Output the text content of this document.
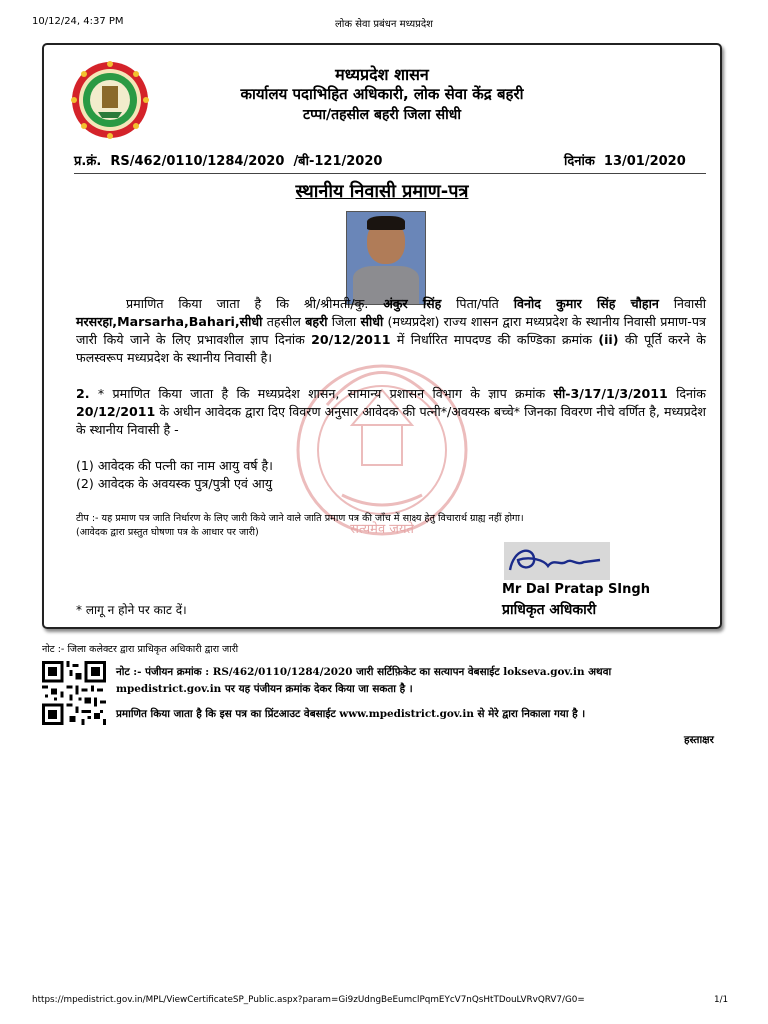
10/12/24, 4:37 PM	लोक सेवा प्रबंधन मध्यप्रदेश
सत्यमेव जयते
मध्यप्रदेश शासन
कार्यालय पदाभिहित अधिकारी, लोक सेवा केंद्र बहरी
टप्पा/तहसील बहरी जिला सीधी
प्र.क्रं. RS/462/0110/1284/2020 /बी-121/2020	दिनांक 13/01/2020
स्थानीय निवासी प्रमाण-पत्र
प्रमाणित किया जाता है कि श्री/श्रीमती/कु. अंकुर सिंह पिता/पति विनोद कुमार सिंह चौहान निवासी मरसरहा,Marsarha,Bahari,सीधी तहसील बहरी जिला सीधी (मध्यप्रदेश) राज्य शासन द्वारा मध्यप्रदेश के स्थानीय निवासी प्रमाण-पत्र जारी किये जाने के लिए प्रभावशील ज्ञाप दिनांक 20/12/2011 में निर्धारित मापदण्ड की कण्डिका क्रमांक (ii) की पूर्ति करने के फलस्वरूप मध्यप्रदेश के स्थानीय निवासी है।
2. * प्रमाणित किया जाता है कि मध्यप्रदेश शासन, सामान्य प्रशासन विभाग के ज्ञाप क्रमांक सी-3/17/1/3/2011 दिनांक 20/12/2011 के अधीन आवेदक द्वारा दिए विवरण अनुसार आवेदक की पत्नी*/अवयस्क बच्चे* जिनका विवरण नीचे वर्णित है, मध्यप्रदेश के स्थानीय निवासी है -
(1) आवेदक की पत्नी का नाम आयु वर्ष है।
(2) आवेदक के अवयस्क पुत्र/पुत्री एवं आयु
टीप :- यह प्रमाण पत्र जाति निर्धारण के लिए जारी किये जाने वाले जाति प्रमाण पत्र की जाँच में साक्ष्य हेतु विचारार्थ ग्राह्य नहीं होगा।
(आवेदक द्वारा प्रस्तुत घोषणा पत्र के आधार पर जारी)
Mr Dal Pratap SIngh
प्राधिकृत अधिकारी
* लागू न होने पर काट दें।
नोट :- जिला कलेक्टर द्वारा प्राधिकृत अधिकारी द्वारा जारी
नोट :- पंजीयन क्रमांक : RS/462/0110/1284/2020 जारी सर्टिफ़िकेट का सत्यापन वेबसाईट lokseva.gov.in अथवा
mpedistrict.gov.in पर यह पंजीयन क्रमांक देकर किया जा सकता है ।
प्रमाणित किया जाता है कि इस पत्र का प्रिंटआउट वेबसाईट www.mpedistrict.gov.in से मेरे द्वारा निकाला गया है ।
हस्ताक्षर
https://mpedistrict.gov.in/MPL/ViewCertificateSP_Public.aspx?param=Gi9zUdngBeEumclPqmEYcV7nQsHtTDouLVRvQRV7/G0=	1/1
